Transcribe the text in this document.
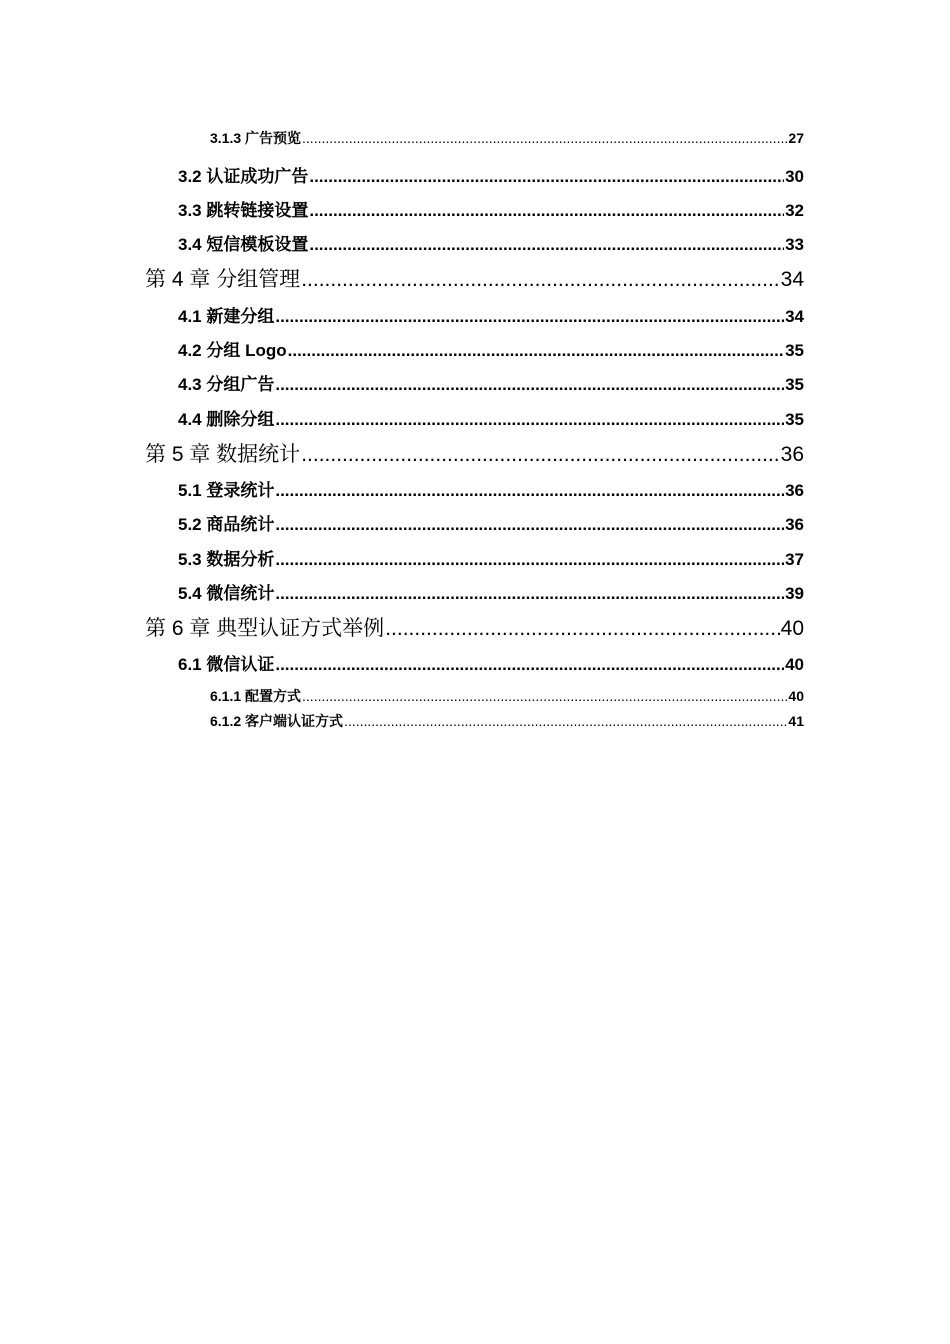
3.1.3 广告预览 .....	27
3.2 认证成功广告 .....	30
3.3 跳转链接设置 .....	32
3.4 短信模板设置 .....	33
第 4 章 分组管理 .....	34
4.1 新建分组 .....	34
4.2 分组 Logo .....	35
4.3 分组广告 .....	35
4.4 删除分组 .....	35
第 5 章 数据统计 .....	36
5.1 登录统计 .....	36
5.2 商品统计 .....	36
5.3 数据分析 .....	37
5.4 微信统计 .....	39
第 6 章 典型认证方式举例 .....	40
6.1 微信认证 .....	40
6.1.1 配置方式 .....	40
6.1.2 客户端认证方式 .....	41
